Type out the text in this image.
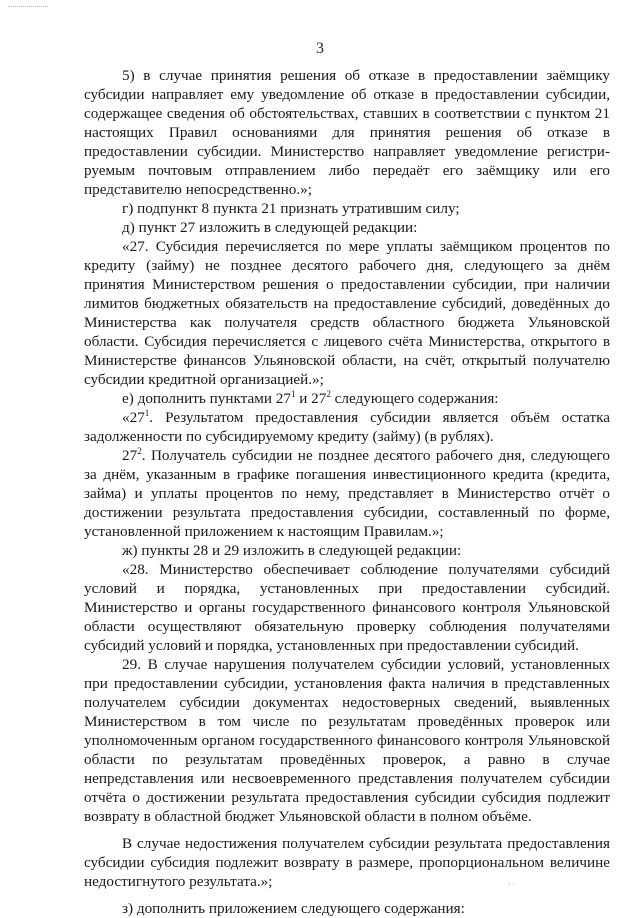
3

5) в случае принятия решения об отказе в предоставлении заёмщику субсидии направляет ему уведомление об отказе в предоставлении субсидии, содержащее сведения об обстоятельствах, ставших в соответствии с пунктом 21 настоящих Правил основаниями для принятия решения об отказе в предоставлении субсидии. Министерство направляет уведомление регистрируемым почтовым отправлением либо передаёт его заёмщику или его представителю непосредственно.»;

г) подпункт 8 пункта 21 признать утратившим силу;

д) пункт 27 изложить в следующей редакции:

«27. Субсидия перечисляется по мере уплаты заёмщиком процентов по кредиту (займу) не позднее десятого рабочего дня, следующего за днём принятия Министерством решения о предоставлении субсидии, при наличии лимитов бюджетных обязательств на предоставление субсидий, доведённых до Министерства как получателя средств областного бюджета Ульяновской области. Субсидия перечисляется с лицевого счёта Министерства, открытого в Министерстве финансов Ульяновской области, на счёт, открытый получателю субсидии кредитной организацией.»;

е) дополнить пунктами $27^1$ и $27^2$ следующего содержания:

«$27^1$. Результатом предоставления субсидии является объём остатка задолженности по субсидируемому кредиту (займу) (в рублях).

$27^2$. Получатель субсидии не позднее десятого рабочего дня, следующего за днём, указанным в графике погашения инвестиционного кредита (кредита, займа) и уплаты процентов по нему, представляет в Министерство отчёт о достижении результата предоставления субсидии, составленный по форме, установленной приложением к настоящим Правилам.»;

ж) пункты 28 и 29 изложить в следующей редакции:

«28. Министерство обеспечивает соблюдение получателями субсидий условий и порядка, установленных при предоставлении субсидий. Министерство и органы государственного финансового контроля Ульяновской области осуществляют обязательную проверку соблюдения получателями субсидий условий и порядка, установленных при предоставлении субсидий.

29. В случае нарушения получателем субсидии условий, установленных при предоставлении субсидии, установления факта наличия в представленных получателем субсидии документах недостоверных сведений, выявленных Министерством в том числе по результатам проведённых проверок или уполномоченным органом государственного финансового контроля Ульяновской области по результатам проведённых проверок, а равно в случае непредставления или несвоевременного представления получателем субсидии отчёта о достижении результата предоставления субсидии субсидия подлежит возврату в областной бюджет Ульяновской области в полном объёме.

В случае недостижения получателем субсидии результата предоставления субсидии субсидия подлежит возврату в размере, пропорциональном величине недостигнутого результата.»;

з) дополнить приложением следующего содержания:

· ·
